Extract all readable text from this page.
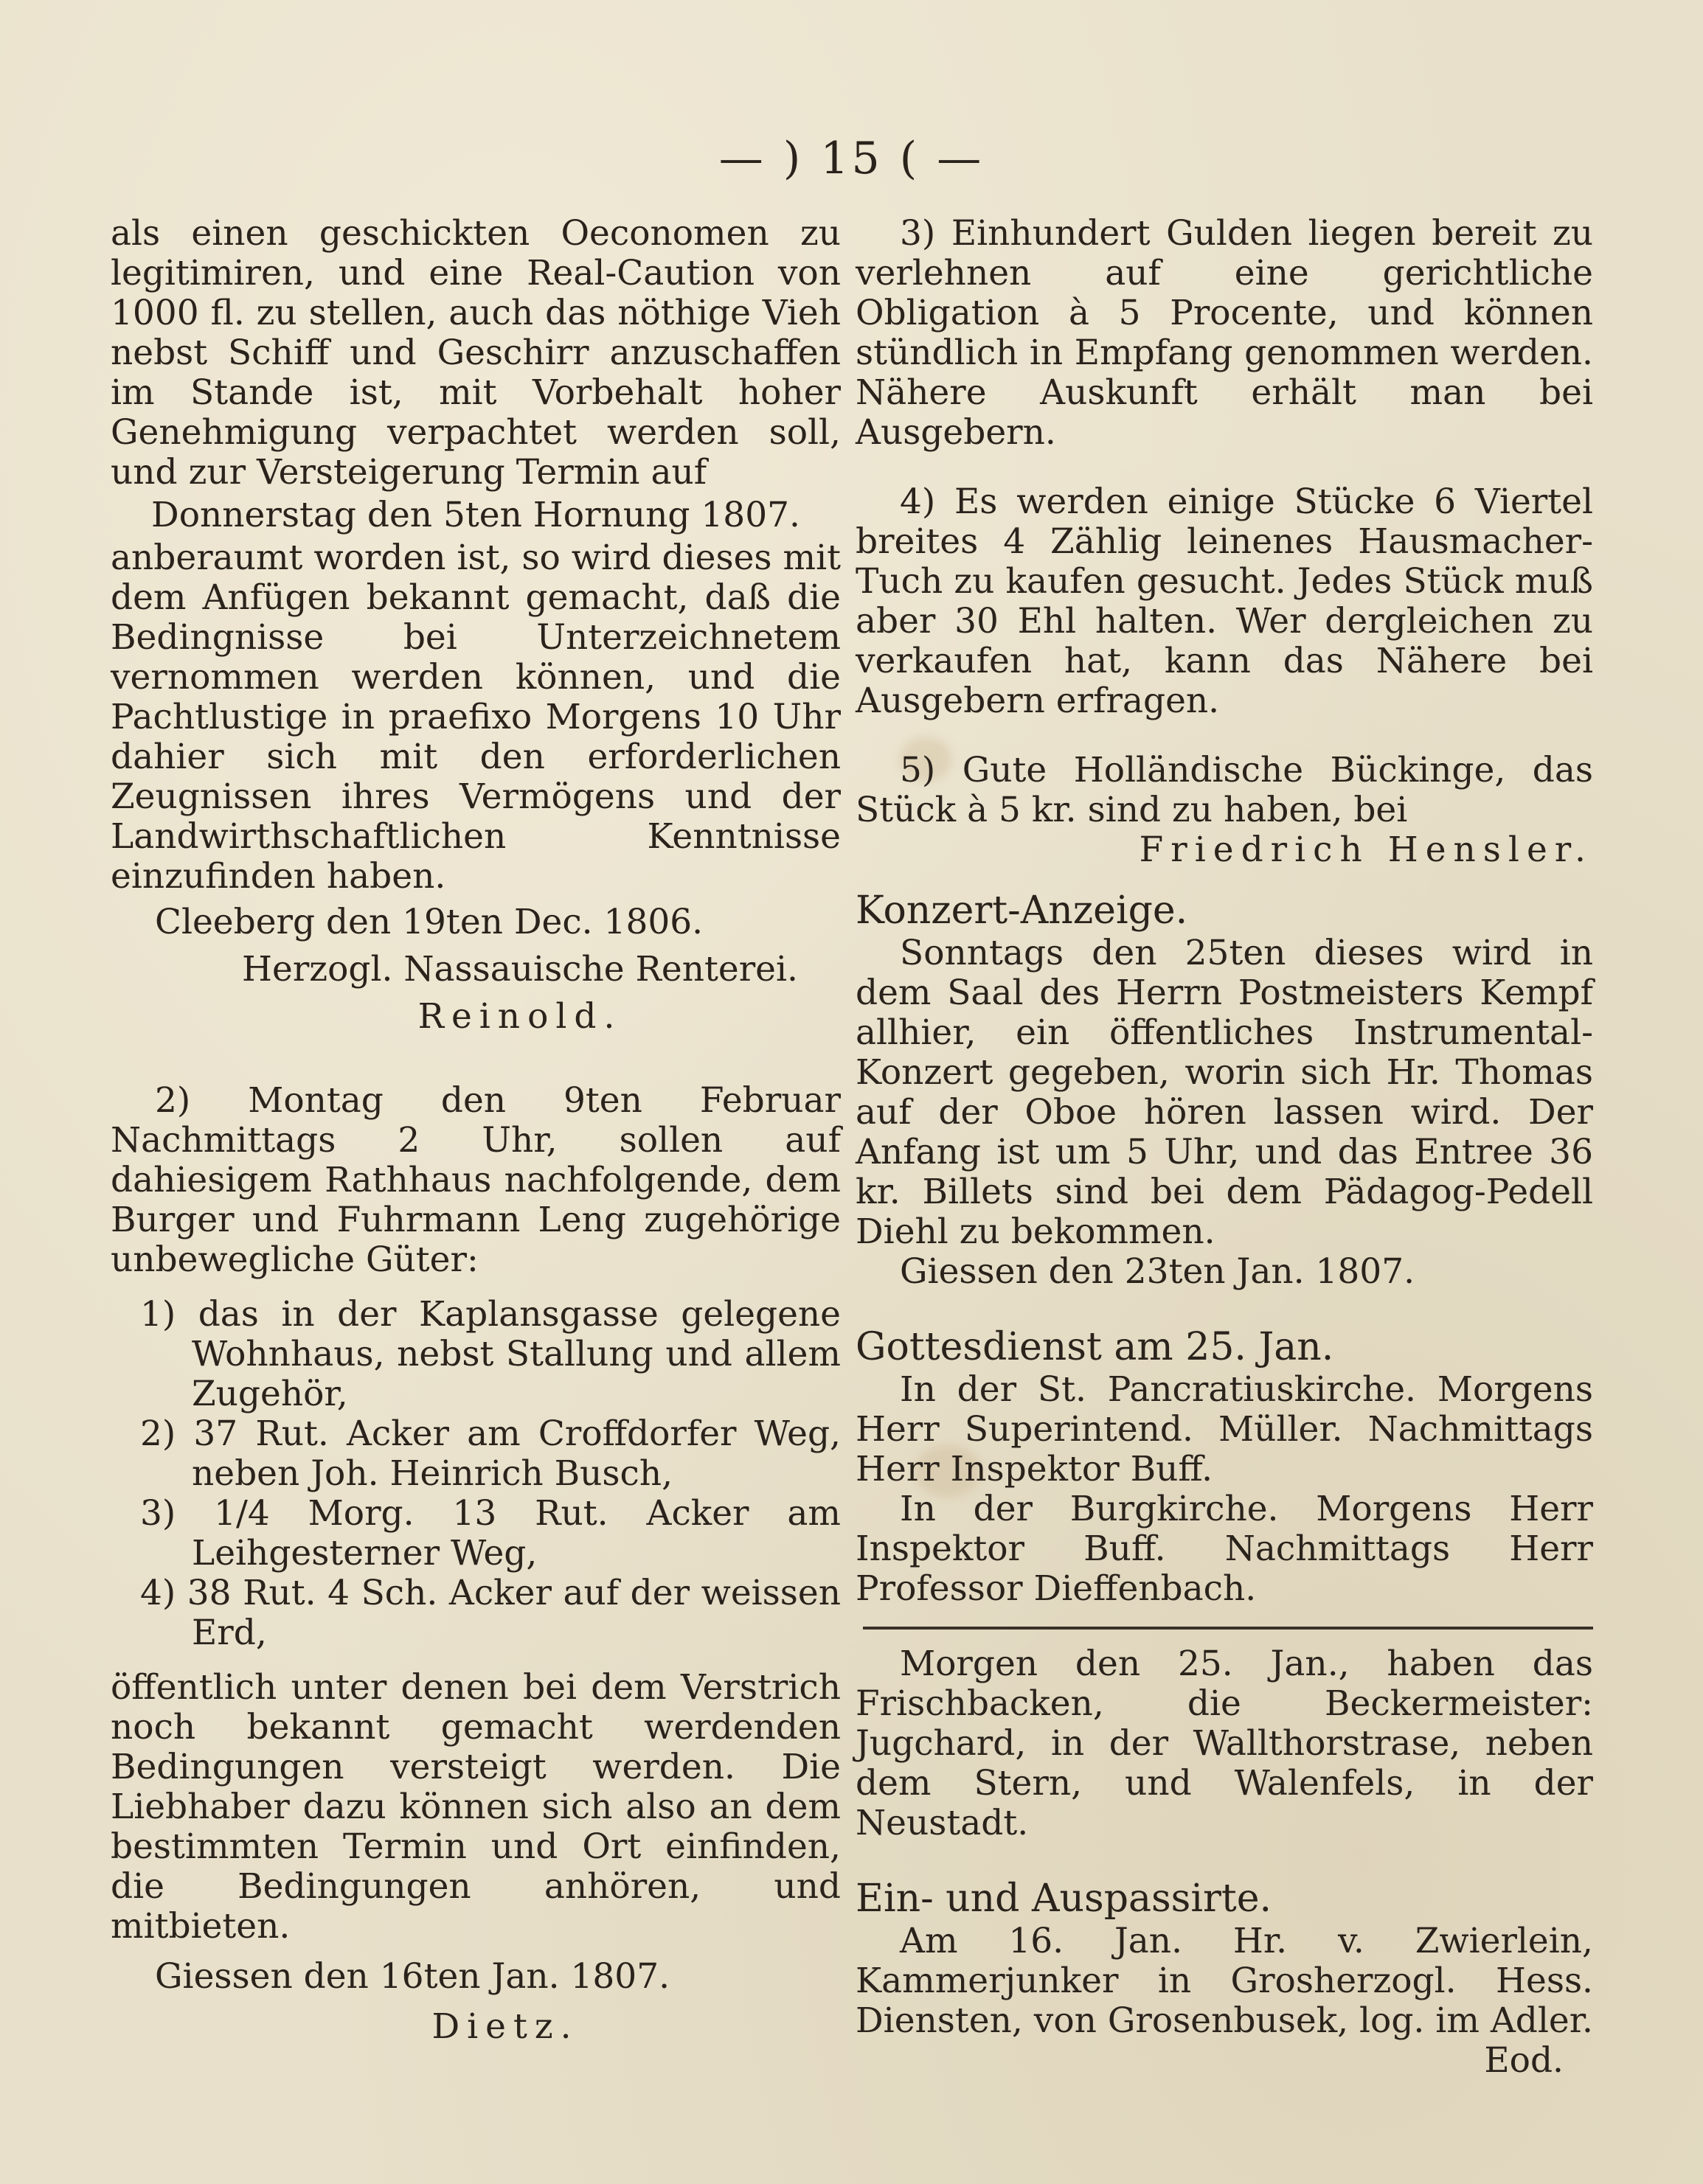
— ) 15 ( —

als einen geschickten Oeconomen zu legitimiren, und eine Real-Caution von 1000 fl. zu stellen, auch das nöthige Vieh nebst Schiff und Geschirr anzuschaffen im Stande ist, mit Vorbehalt hoher Genehmigung verpachtet werden soll, und zur Versteigerung Termin auf

Donnerstag den 5ten Hornung 1807.

anberaumt worden ist, so wird dieses mit dem Anfügen bekannt gemacht, daß die Bedingnisse bei Unterzeichnetem vernommen werden können, und die Pachtlustige in praefixo Morgens 10 Uhr dahier sich mit den erforderlichen Zeugnissen ihres Vermögens und der Landwirthschaftlichen Kenntnisse einzufinden haben.

Cleeberg den 19ten Dec. 1806.

Herzogl. Nassauische Renterei.

Reinold.

2) Montag den 9ten Februar Nachmittags 2 Uhr, sollen auf dahiesigem Rathhaus nachfolgende, dem Burger und Fuhrmann Leng zugehörige unbewegliche Güter:

1) das in der Kaplansgasse gelegene Wohnhaus, nebst Stallung und allem Zugehör,

2) 37 Rut. Acker am Croffdorfer Weg, neben Joh. Heinrich Busch,

3) 1/4 Morg. 13 Rut. Acker am Leihgesterner Weg,

4) 38 Rut. 4 Sch. Acker auf der weissen Erd,

öffentlich unter denen bei dem Verstrich noch bekannt gemacht werdenden Bedingungen versteigt werden. Die Liebhaber dazu können sich also an dem bestimmten Termin und Ort einfinden, die Bedingungen anhören, und mitbieten.

Giessen den 16ten Jan. 1807.

Dietz.

3) Einhundert Gulden liegen bereit zu verlehnen auf eine gerichtliche Obligation à 5 Procente, und können stündlich in Empfang genommen werden. Nähere Auskunft erhält man bei Ausgebern.

4) Es werden einige Stücke 6 Viertel breites 4 Zählig leinenes Hausmacher-Tuch zu kaufen gesucht. Jedes Stück muß aber 30 Ehl halten. Wer dergleichen zu verkaufen hat, kann das Nähere bei Ausgebern erfragen.

5) Gute Holländische Bückinge, das Stück à 5 kr. sind zu haben, bei

Friedrich Hensler.

Konzert-Anzeige.

Sonntags den 25ten dieses wird in dem Saal des Herrn Postmeisters Kempf allhier, ein öffentliches Instrumental-Konzert gegeben, worin sich Hr. Thomas auf der Oboe hören lassen wird. Der Anfang ist um 5 Uhr, und das Entree 36 kr. Billets sind bei dem Pädagog-Pedell Diehl zu bekommen.

Giessen den 23ten Jan. 1807.

Gottesdienst am 25. Jan.

In der St. Pancratiuskirche. Morgens Herr Superintend. Müller. Nachmittags Herr Inspektor Buff.

In der Burgkirche. Morgens Herr Inspektor Buff. Nachmittags Herr Professor Dieffenbach.

Morgen den 25. Jan., haben das Frischbacken, die Beckermeister: Jugchard, in der Wallthorstrase, neben dem Stern, und Walenfels, in der Neustadt.

Ein- und Auspassirte.

Am 16. Jan. Hr. v. Zwierlein, Kammerjunker in Grosherzogl. Hess. Diensten, von Grosenbusek, log. im Adler.

Eod.
